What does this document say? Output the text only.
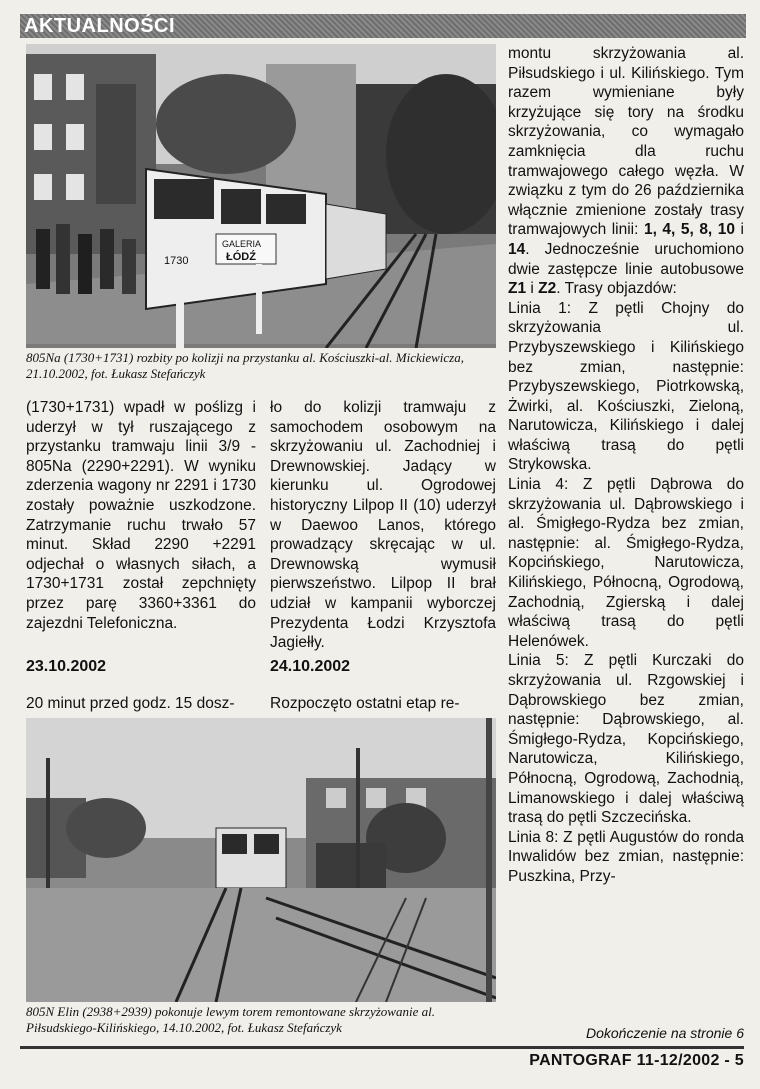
AKTUALNOŚCI
1730
GALERIA
ŁÓDŹ
805Na (1730+1731) rozbity po kolizji na przystanku al. Kościuszki-al. Mickiewicza, 21.10.2002, fot. Łukasz Stefańczyk

(1730+1731) wpadł w poślizg i uderzył w tył ruszającego z przystanku tramwaju linii 3/9 - 805Na (2290+2291). W wyniku zderzenia wagony nr 2291 i 1730 zostały poważnie uszkodzone. Zatrzymanie ruchu trwało 57 minut. Skład 2290 +2291 odjechał o własnych siłach, a 1730+1731 został zepchnięty przez parę 3360+3361 do zajezdni Telefoniczna.

23.10.2002
20 minut przed godz. 15 dosz-

ło do kolizji tramwaju z samochodem osobowym na skrzyżowaniu ul. Zachodniej i Drewnowskiej. Jadący w kierunku ul. Ogrodowej historyczny Lilpop II (10) uderzył w Daewoo Lanos, którego prowadzący skręcając w ul. Drewnowską wymusił pierwszeństwo. Lilpop II brał udział w kampanii wyborczej Prezydenta Łodzi Krzysztofa Jagiełły.

24.10.2002
Rozpoczęto ostatni etap re-
805N Elin (2938+2939) pokonuje lewym torem remontowane skrzyżowanie al. Piłsudskiego-Kilińskiego, 14.10.2002, fot. Łukasz Stefańczyk

montu skrzyżowania al. Piłsudskiego i ul. Kilińskiego. Tym razem wymieniane były krzyżujące się tory na środku skrzyżowania, co wymagało zamknięcia dla ruchu tramwajowego całego węzła. W związku z tym do 26 października włącznie zmienione zostały trasy tramwajowych linii: 1, 4, 5, 8, 10 i 14. Jednocześnie uruchomiono dwie zastępcze linie autobusowe Z1 i Z2. Trasy objazdów:

Linia 1: Z pętli Chojny do skrzyżowania ul. Przybyszewskiego i Kilińskiego bez zmian, następnie: Przybyszewskiego, Piotrkowską, Żwirki, al. Kościuszki, Zieloną, Narutowicza, Kilińskiego i dalej właściwą trasą do pętli Strykowska.

Linia 4: Z pętli Dąbrowa do skrzyżowania ul. Dąbrowskiego i al. Śmigłego-Rydza bez zmian, następnie: al. Śmigłego-Rydza, Kopcińskiego, Narutowicza, Kilińskiego, Północną, Ogrodową, Zachodnią, Zgierską i dalej właściwą trasą do pętli Helenówek.

Linia 5: Z pętli Kurczaki do skrzyżowania ul. Rzgowskiej i Dąbrowskiego bez zmian, następnie: Dąbrowskiego, al. Śmigłego-Rydza, Kopcińskiego, Narutowicza, Kilińskiego, Północną, Ogrodową, Zachodnią, Limanowskiego i dalej właściwą trasą do pętli Szczecińska.

Linia 8: Z pętli Augustów do ronda Inwalidów bez zmian, następnie: Puszkina, Przy-

Dokończenie na stronie 6
PANTOGRAF 11-12/2002 - 5
